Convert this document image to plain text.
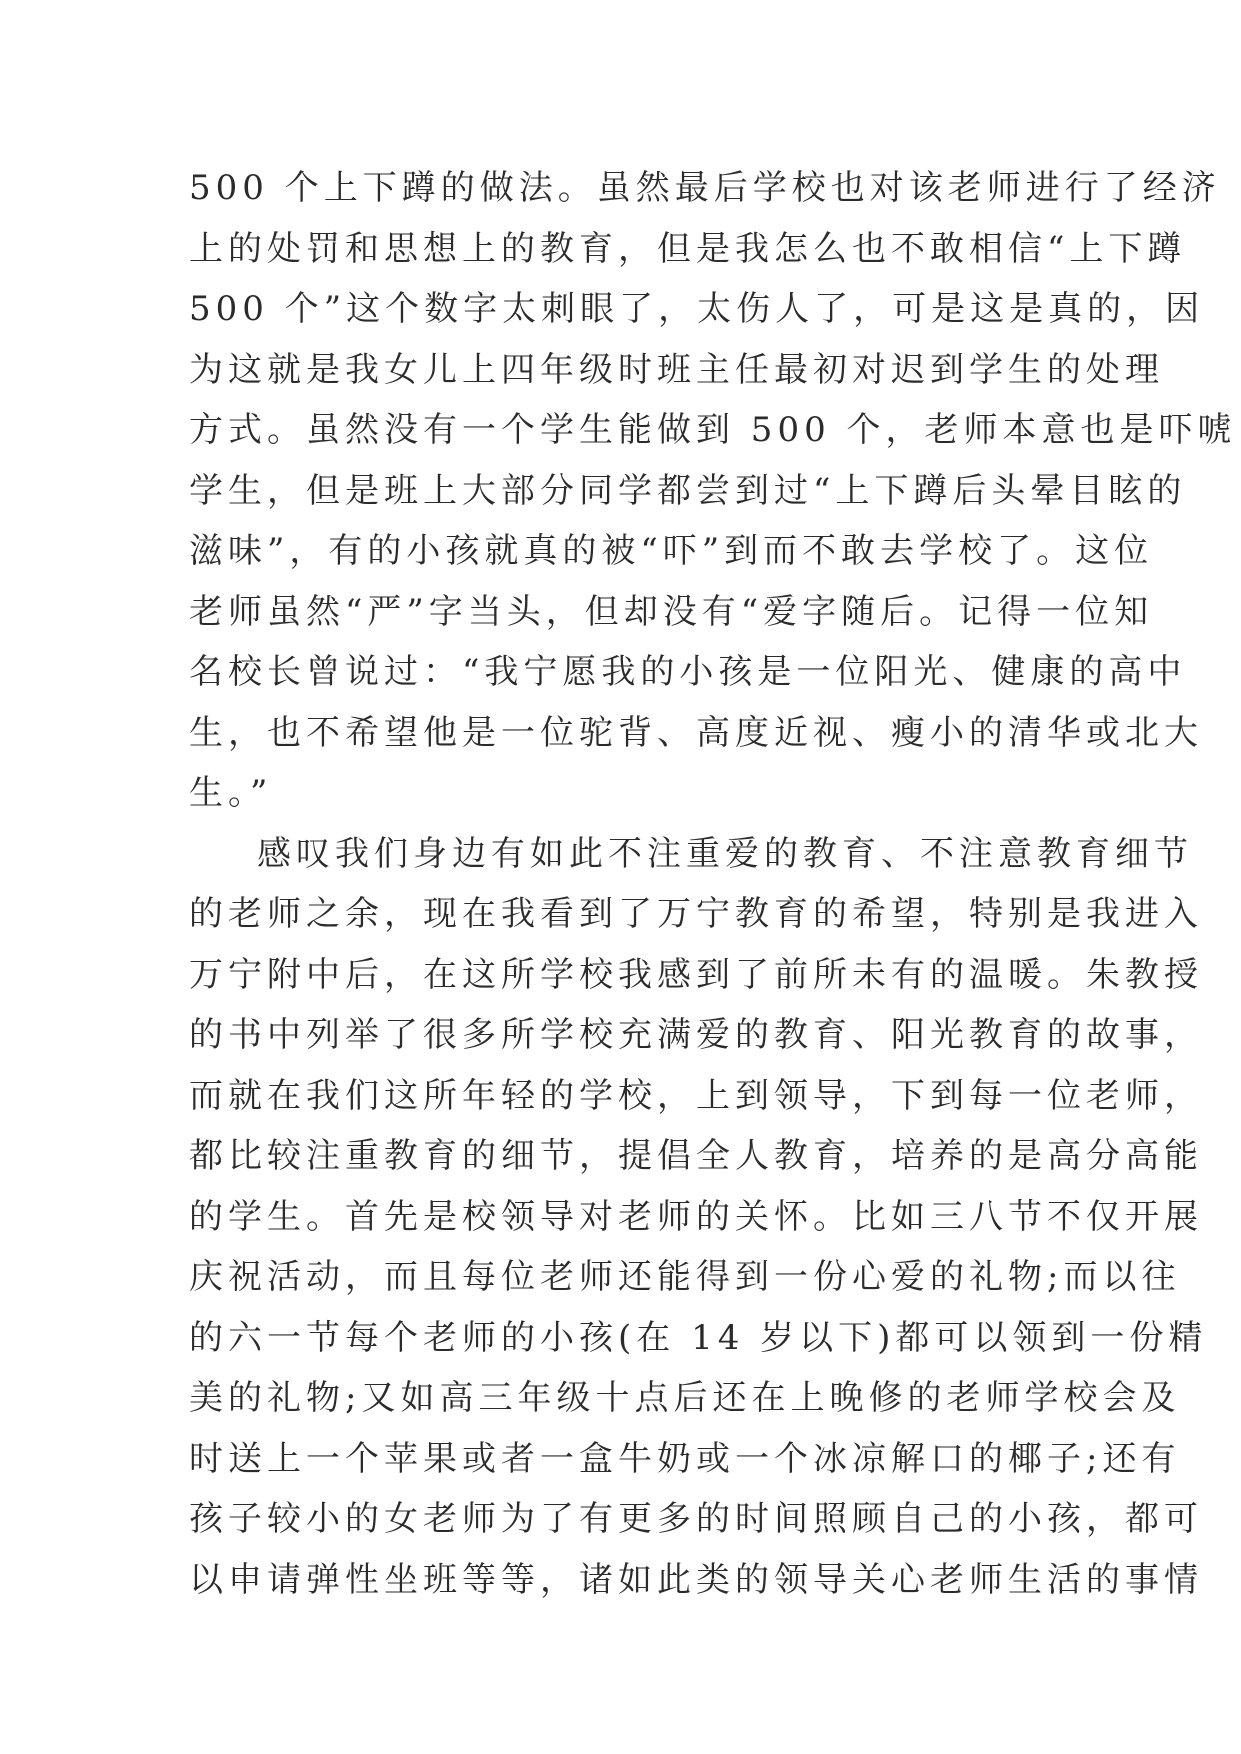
500 个上下蹲的做法。虽然最后学校也对该老师进行了经济
上的处罚和思想上的教育，但是我怎么也不敢相信“上下蹲
500 个”这个数字太刺眼了，太伤人了，可是这是真的，因
为这就是我女儿上四年级时班主任最初对迟到学生的处理
方式。虽然没有一个学生能做到 500 个，老师本意也是吓唬
学生，但是班上大部分同学都尝到过“上下蹲后头晕目眩的
滋味”，有的小孩就真的被“吓”到而不敢去学校了。这位
老师虽然“严”字当头，但却没有“爱字随后。记得一位知
名校长曾说过：“我宁愿我的小孩是一位阳光、健康的高中
生，也不希望他是一位驼背、高度近视、瘦小的清华或北大
生。”
感叹我们身边有如此不注重爱的教育、不注意教育细节
的老师之余，现在我看到了万宁教育的希望，特别是我进入
万宁附中后，在这所学校我感到了前所未有的温暖。朱教授
的书中列举了很多所学校充满爱的教育、阳光教育的故事，
而就在我们这所年轻的学校，上到领导，下到每一位老师，
都比较注重教育的细节，提倡全人教育，培养的是高分高能
的学生。首先是校领导对老师的关怀。比如三八节不仅开展
庆祝活动，而且每位老师还能得到一份心爱的礼物;而以往
的六一节每个老师的小孩(在 14 岁以下)都可以领到一份精
美的礼物;又如高三年级十点后还在上晚修的老师学校会及
时送上一个苹果或者一盒牛奶或一个冰凉解口的椰子;还有
孩子较小的女老师为了有更多的时间照顾自己的小孩，都可
以申请弹性坐班等等，诸如此类的领导关心老师生活的事情
